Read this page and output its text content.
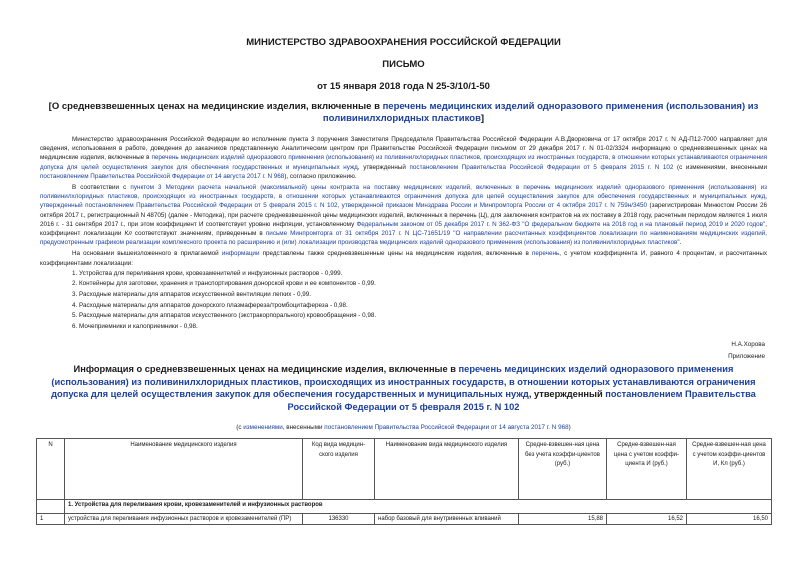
МИНИСТЕРСТВО ЗДРАВООХРАНЕНИЯ РОССИЙСКОЙ ФЕДЕРАЦИИ
ПИСЬМО
от 15 января 2018 года N 25-3/10/1-50
[О средневзвешенных ценах на медицинские изделия, включенные в перечень медицинских изделий одноразового применения (использования) из поливинилхлоридных пластиков]

Министерство здравоохранения Российской Федерации во исполнение пункта 3 поручения Заместителя Председателя Правительства Российской Федерации А.В.Дворковича от 17 октября 2017 г. N АД-П12-7000 направляет для сведения, использования в работе, доведения до заказчиков представленную Аналитическим центром при Правительстве Российской Федерации письмом от 29 декабря 2017 г. N 01-02/3324 информацию о средневзвешенных ценах на медицинские изделия, включенные в перечень медицинских изделий одноразового применения (использования) из поливинилхлоридных пластиков, происходящих из иностранных государств, в отношении которых устанавливаются ограничения допуска для целей осуществления закупок для обеспечения государственных и муниципальных нужд, утвержденный постановлением Правительства Российской Федерации от 5 февраля 2015 г. N 102 (с изменениями, внесенными постановлением Правительства Российской Федерации от 14 августа 2017 г. N 968), согласно приложению.

В соответствии с пунктом 3 Методики расчета начальной (максимальной) цены контракта на поставку медицинских изделий, включенных в перечень медицинских изделий одноразового применения (использования) из поливинилхлоридных пластиков, происходящих из иностранных государств, в отношении которых устанавливаются ограничения допуска для целей осуществления закупок для обеспечения государственных и муниципальных нужд, утвержденный постановлением Правительства Российской Федерации от 5 февраля 2015 г. N 102, утвержденной приказом Минздрава России и Минпромторга России от 4 октября 2017 г. N 759н/3450 (зарегистрирован Минюстом России 26 октября 2017 г., регистрационный N 48705) (далее - Методика), при расчете средневзвешенной цены медицинских изделий, включенных в перечень (Ц), для заключения контрактов на их поставку в 2018 году, расчетным периодом является 1 июля 2016 г. - 31 сентября 2017 г., при этом коэффициент И соответствует уровню инфляции, установленному Федеральным законом от 05 декабря 2017 г. N 362-ФЗ "О федеральном бюджете на 2018 год и на плановый период 2019 и 2020 годов", коэффициент локализации Кл соответствуют значениям, приведенным в письме Минпромторга от 31 октября 2017 г. N ЦС-71651/19 "О направлении рассчитанных коэффициентов локализации по наименованиям медицинских изделий, предусмотренным графиком реализации комплексного проекта по расширению и (или) локализации производства медицинских изделий одноразового применения (использования) из поливинилхлоридных пластиков".

На основании вышеизложенного в прилагаемой информации представлены также средневзвешенные цены на медицинские изделия, включенные в перечень, с учетом коэффициента И, равного 4 процентам, и рассчитанных коэффициентами локализации:

1. Устройства для переливания крови, кровезаменителей и инфузионных растворов - 0,999.
2. Контейнеры для заготовки, хранения и транспортирования донорской крови и ее компонентов - 0,99.
3. Расходные материалы для аппаратов искусственной вентиляции легких - 0,99.
4. Расходные материалы для аппаратов донорского плазмафереза/тромбоцитафереза - 0,98.
5. Расходные материалы для аппаратов искусственного (экстракорпорального) кровообращения - 0,98.
6. Мочеприемники и калоприемники - 0,98.
Н.А.Хорова
Приложение
Информация о средневзвешенных ценах на медицинские изделия, включенные в перечень медицинских изделий одноразового применения (использования) из поливинилхлоридных пластиков, происходящих из иностранных государств, в отношении которых устанавливаются ограничения допуска для целей осуществления закупок для обеспечения государственных и муниципальных нужд, утвержденный постановлением Правительства Российской Федерации от 5 февраля 2015 г. N 102
(с изменениями, внесенными постановлением Правительства Российской Федерации от 14 августа 2017 г. N 968)
N	Наименование медицинского изделия	Код вида медицин-ского изделия	Наименование вида медицинского изделия	Средне-взвешен-ная цена без учета коэффи-циентов (руб.)	Средне-взвешен-ная цена с учетом коэффи-циента И (руб.)	Средне-взвешен-ная цена с учетом коэффи-циентов И, Кл (руб.)
	1. Устройства для переливания крови, кровезаменителей и инфузионных растворов					
1	устройства для переливания инфузионных растворов и кровезаменителей (ПР)	136330	набор базовый для внутривенных вливаний	15,88	16,52	16,50
